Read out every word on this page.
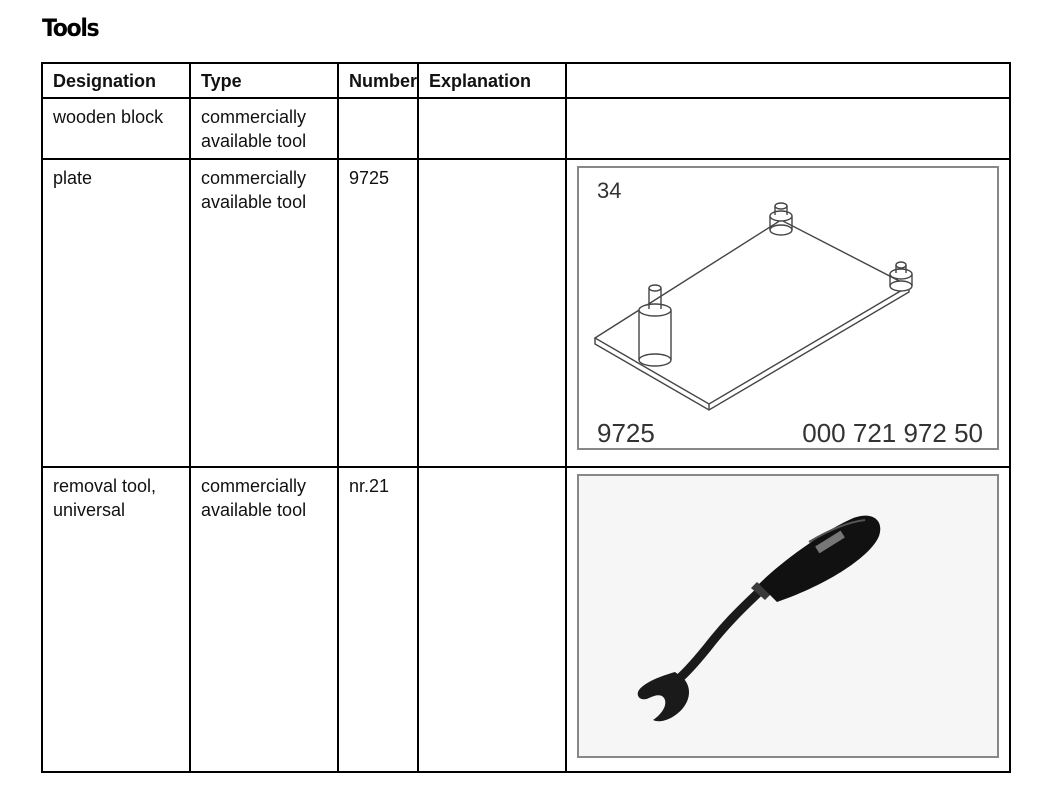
Tools
Designation	Type	Number	Explanation	
wooden block	commercially available tool			
plate	commercially available tool	9725		34
9725 000 721 972 50

removal tool, universal	commercially available tool	nr.21		
